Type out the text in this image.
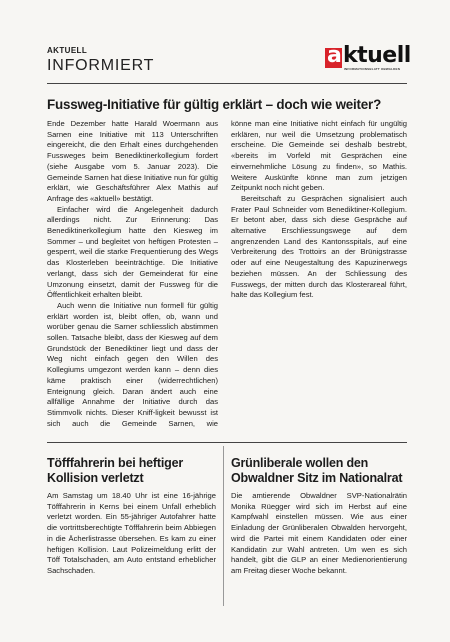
AKTUELL
INFORMIERT	a ktuell
INFORMATIONSBLATT OBWALDEN
Fussweg-Initiative für gültig erklärt – doch wie weiter?

Ende Dezember hatte Harald Woermann aus Sarnen eine Initiative mit 113 Unterschriften eingereicht, die den Erhalt eines durchgehenden Fussweges beim Benediktinerkollegium fordert (siehe Ausgabe vom 5. Januar 2023). Die Gemeinde Sarnen hat diese Initiative nun für gültig erklärt, wie Geschäftsführer Alex Mathis auf Anfrage des «aktuell» bestätigt.

Einfacher wird die Angelegenheit dadurch allerdings nicht. Zur Erinnerung: Das Benediktinerkollegium hatte den Kiesweg im Sommer – und begleitet von heftigen Protesten – gesperrt, weil die starke Frequentierung des Wegs das Klosterleben beeinträchtige. Die Initiative verlangt, dass sich der Gemeinderat für eine Umzonung einsetzt, damit der Fussweg für die Öffentlichkeit erhalten bleibt.

Auch wenn die Initiative nun formell für gültig erklärt worden ist, bleibt offen, ob, wann und worüber genau die Sarner schliesslich abstimmen sollen. Tatsache bleibt, dass der Kiesweg auf dem Grundstück der Benediktiner liegt und dass der Weg nicht einfach gegen den Willen des Kollegiums umgezont werden kann – denn dies käme praktisch einer (widerrechtlichen) Enteignung gleich. Daran ändert auch eine allfällige Annahme der Initiative durch das Stimmvolk nichts. Dieser Kniff-ligkeit bewusst ist sich auch die Gemeinde Sarnen, wie

könne man eine Initiative nicht einfach für ungültig erklären, nur weil die Umsetzung problematisch erscheine. Die Gemeinde sei deshalb bestrebt, «bereits im Vorfeld mit Gesprächen eine einvernehmliche Lösung zu finden», so Mathis. Weitere Auskünfte könne man zum jetzigen Zeitpunkt noch nicht geben.

Bereitschaft zu Gesprächen signalisiert auch Frater Paul Schneider vom Benediktiner-Kollegium. Er betont aber, dass sich diese Gespräche auf alternative Erschliessungswege auf dem angrenzenden Land des Kantonsspitals, auf eine Verbreiterung des Trottoirs an der Brünigstrasse oder auf eine Neugestaltung des Kapuzinerwegs beziehen müssen. An der Schliessung des Fusswegs, der mitten durch das Klosterareal führt, halte das Kollegium fest.

Töfffahrerin bei heftiger Kollision verletzt

Am Samstag um 18.40 Uhr ist eine 16-jährige Töfffahrerin in Kerns bei einem Unfall erheblich verletzt worden. Ein 55-jähriger Autofahrer hatte die vortrittsberechtigte Töfffahrerin beim Abbiegen in die Ächerlistrasse übersehen. Es kam zu einer heftigen Kollision. Laut Polizeimeldung erlitt der Töff Totalschaden, am Auto entstand erheblicher Sachschaden.

Grünliberale wollen den Obwaldner Sitz im Nationalrat

Die amtierende Obwaldner SVP-Nationalrätin Monika Rüegger wird sich im Herbst auf eine Kampfwahl einstellen müssen. Wie aus einer Einladung der Grünliberalen Obwalden hervorgeht, wird die Partei mit einem Kandidaten oder einer Kandidatin zur Wahl antreten. Um wen es sich handelt, gibt die GLP an einer Medienorientierung am Freitag dieser Woche bekannt.
